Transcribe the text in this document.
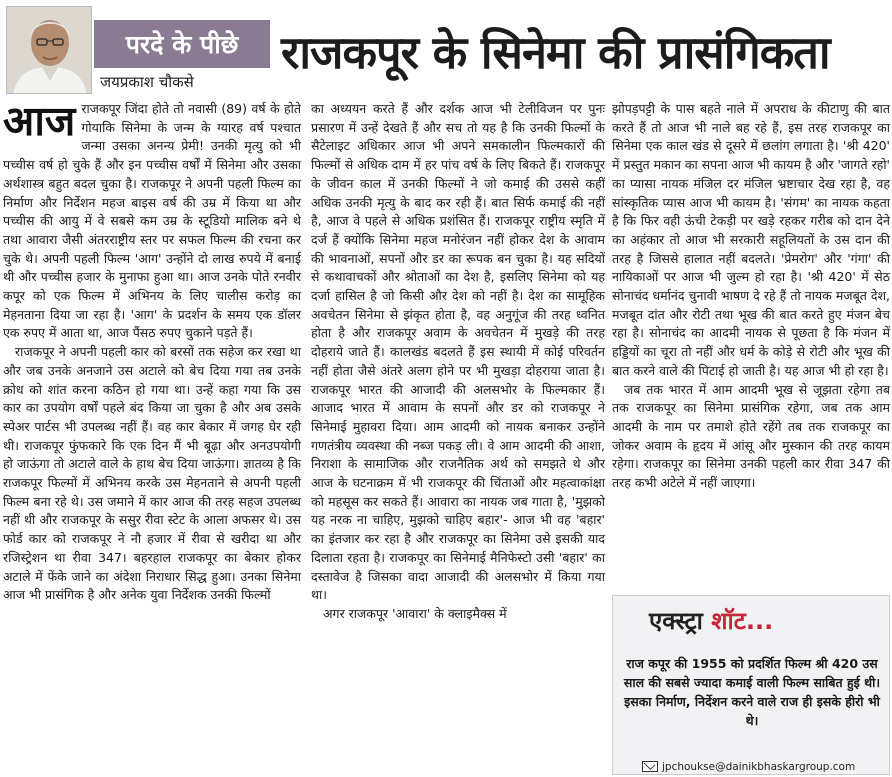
परदे के पीछे
जयप्रकाश चौकसे
राजकपूर के सिनेमा की प्रासंगिकता

आज राजकपूर जिंदा होते तो नवासी (89) वर्ष के होते गोयाकि सिनेमा के जन्म के ग्यारह वर्ष पश्चात जन्मा उसका अनन्य प्रेमी! उनकी मृत्यु को भी पच्चीस वर्ष हो चुके हैं और इन पच्चीस वर्षों में सिनेमा और उसका अर्थशास्त्र बहुत बदल चुका है। राजकपूर ने अपनी पहली फिल्म का निर्माण और निर्देशन महज बाइस वर्ष की उम्र में किया था और पच्चीस की आयु में वे सबसे कम उम्र के स्टूडियो मालिक बने थे तथा आवारा जैसी अंतरराष्ट्रीय स्तर पर सफल फिल्म की रचना कर चुके थे। अपनी पहली फिल्म 'आग' उन्होंने दो लाख रुपये में बनाई थी और पच्चीस हजार के मुनाफा हुआ था। आज उनके पोते रनवीर कपूर को एक फिल्म में अभिनय के लिए चालीस करोड़ का मेहनताना दिया जा रहा है। 'आग' के प्रदर्शन के समय एक डॉलर एक रुपए में आता था, आज पैंसठ रुपए चुकाने पड़ते हैं।

राजकपूर ने अपनी पहली कार को बरसों तक सहेज कर रखा था और जब उनके अनजाने उस अटाले को बेच दिया गया तब उनके क्रोध को शांत करना कठिन हो गया था। उन्हें कहा गया कि उस कार का उपयोग वर्षों पहले बंद किया जा चुका है और अब उसके स्पेअर पार्टस भी उपलब्ध नहीं हैं। वह कार बेकार में जगह घेर रही थी। राजकपूर फुंफकारे कि एक दिन मैं भी बूढ़ा और अनउपयोगी हो जाऊंगा तो अटाले वाले के हाथ बेच दिया जाऊंगा। ज्ञातव्य है कि राजकपूर फिल्मों में अभिनय करके उस मेहनताने से अपनी पहली फिल्म बना रहे थे। उस जमाने में कार आज की तरह सहज उपलब्ध नहीं थी और राजकपूर के ससुर रीवा स्टेट के आला अफसर थे। उस फोर्ड कार को राजकपूर ने नौ हजार में रीवा से खरीदा था और रजिस्ट्रेशन था रीवा 347। बहरहाल राजकपूर का बेकार होकर अटाले में फेंके जाने का अंदेशा निराधार सिद्ध हुआ। उनका सिनेमा आज भी प्रासंगिक है और अनेक युवा निर्देशक उनकी फिल्मों

का अध्ययन करते हैं और दर्शक आज भी टेलीविजन पर पुनः प्रसारण में उन्हें देखते हैं और सच तो यह है कि उनकी फिल्मों के सैटेलाइट अधिकार आज भी अपने समकालीन फिल्मकारों की फिल्मों से अधिक दाम में हर पांच वर्ष के लिए बिकते हैं। राजकपूर के जीवन काल में उनकी फिल्मों ने जो कमाई की उससे कहीं अधिक उनकी मृत्यु के बाद कर रही हैं। बात सिर्फ कमाई की नहीं है, आज वे पहले से अधिक प्रशंसित हैं। राजकपूर राष्ट्रीय स्मृति में दर्ज हैं क्योंकि सिनेमा महज मनोरंजन नहीं होकर देश के आवाम की भावनाओं, सपनों और डर का रूपक बन चुका है। यह सदियों से कथावाचकों और श्रोताओं का देश है, इसलिए सिनेमा को यह दर्जा हासिल है जो किसी और देश को नहीं है। देश का सामूहिक अवचेतन सिनेमा से झंकृत होता है, वह अनुगूंज की तरह ध्वनित होता है और राजकपूर अवाम के अवचेतन में मुखड़े की तरह दोहराये जाते हैं। कालखंड बदलते हैं इस स्थायी में कोई परिवर्तन नहीं होता जैसे अंतरे अलग होने पर भी मुखड़ा दोहराया जाता है। राजकपूर भारत की आजादी की अलसभोर के फिल्मकार हैं। आजाद भारत में आवाम के सपनों और डर को राजकपूर ने सिनेमाई मुहावरा दिया। आम आदमी को नायक बनाकर उन्होंने गणतंत्रीय व्यवस्था की नब्ज पकड़ ली। वे आम आदमी की आशा, निराशा के सामाजिक और राजनैतिक अर्थ को समझते थे और आज के घटनाक्रम में भी राजकपूर की चिंताओं और महत्वाकांक्षा को महसूस कर सकते हैं। आवारा का नायक जब गाता है, 'मुझको यह नरक ना चाहिए, मुझको चाहिए बहार'- आज भी वह 'बहार' का इंतजार कर रहा है और राजकपूर का सिनेमा उसे इसकी याद दिलाता रहता है। राजकपूर का सिनेमाई मैनिफेस्टो उसी 'बहार' का दस्तावेज है जिसका वादा आजादी की अलसभोर में किया गया था।

अगर राजकपूर 'आवारा' के क्लाइमैक्स में

झोपड़पट्टी के पास बहते नाले में अपराध के कीटाणु की बात करते हैं तो आज भी नाले बह रहे हैं, इस तरह राजकपूर का सिनेमा एक काल खंड से दूसरे में छलांग लगाता है। 'श्री 420' में प्रस्तुत मकान का सपना आज भी कायम है और 'जागते रहो' का प्यासा नायक मंजिल दर मंजिल भ्रष्टाचार देख रहा है, वह सांस्कृतिक प्यास आज भी कायम है। 'संगम' का नायक कहता है कि फिर वही ऊंची टेकड़ी पर खड़े रहकर गरीब को दान देने का अहंकार तो आज भी सरकारी सहूलियतों के उस दान की तरह है जिससे हालात नहीं बदलते। 'प्रेमरोग' और 'गंगा' की नायिकाओं पर आज भी जुल्म हो रहा है। 'श्री 420' में सेठ सोनाचंद धर्मानंद चुनावी भाषण दे रहे हैं तो नायक मजबूत देश, मजबूत दांत और रोटी तथा भूख की बात करते हुए मंजन बेच रहा है। सोनाचंद का आदमी नायक से पूछता है कि मंजन में हड्डियों का चूरा तो नहीं और धर्म के कोड़े से रोटी और भूख की बात करने वाले की पिटाई हो जाती है। यह आज भी हो रहा है।

जब तक भारत में आम आदमी भूख से जूझता रहेगा तब तक राजकपूर का सिनेमा प्रासंगिक रहेगा, जब तक आम आदमी के नाम पर तमाशे होते रहेंगे तब तक राजकपूर का जोकर अवाम के हृदय में आंसू और मुस्कान की तरह कायम रहेगा। राजकपूर का सिनेमा उनकी पहली कार रीवा 347 की तरह कभी अटेले में नहीं जाएगा।

एक्स्ट्रा शॉट...
राज कपूर की 1955 को प्रदर्शित फिल्म श्री 420 उस साल की सबसे ज्यादा कमाई वाली फिल्म साबित हुई थी। इसका निर्माण, निर्देशन करने वाले राज ही इसके हीरो भी थे।
jpchoukse@dainikbhaskargroup.com
